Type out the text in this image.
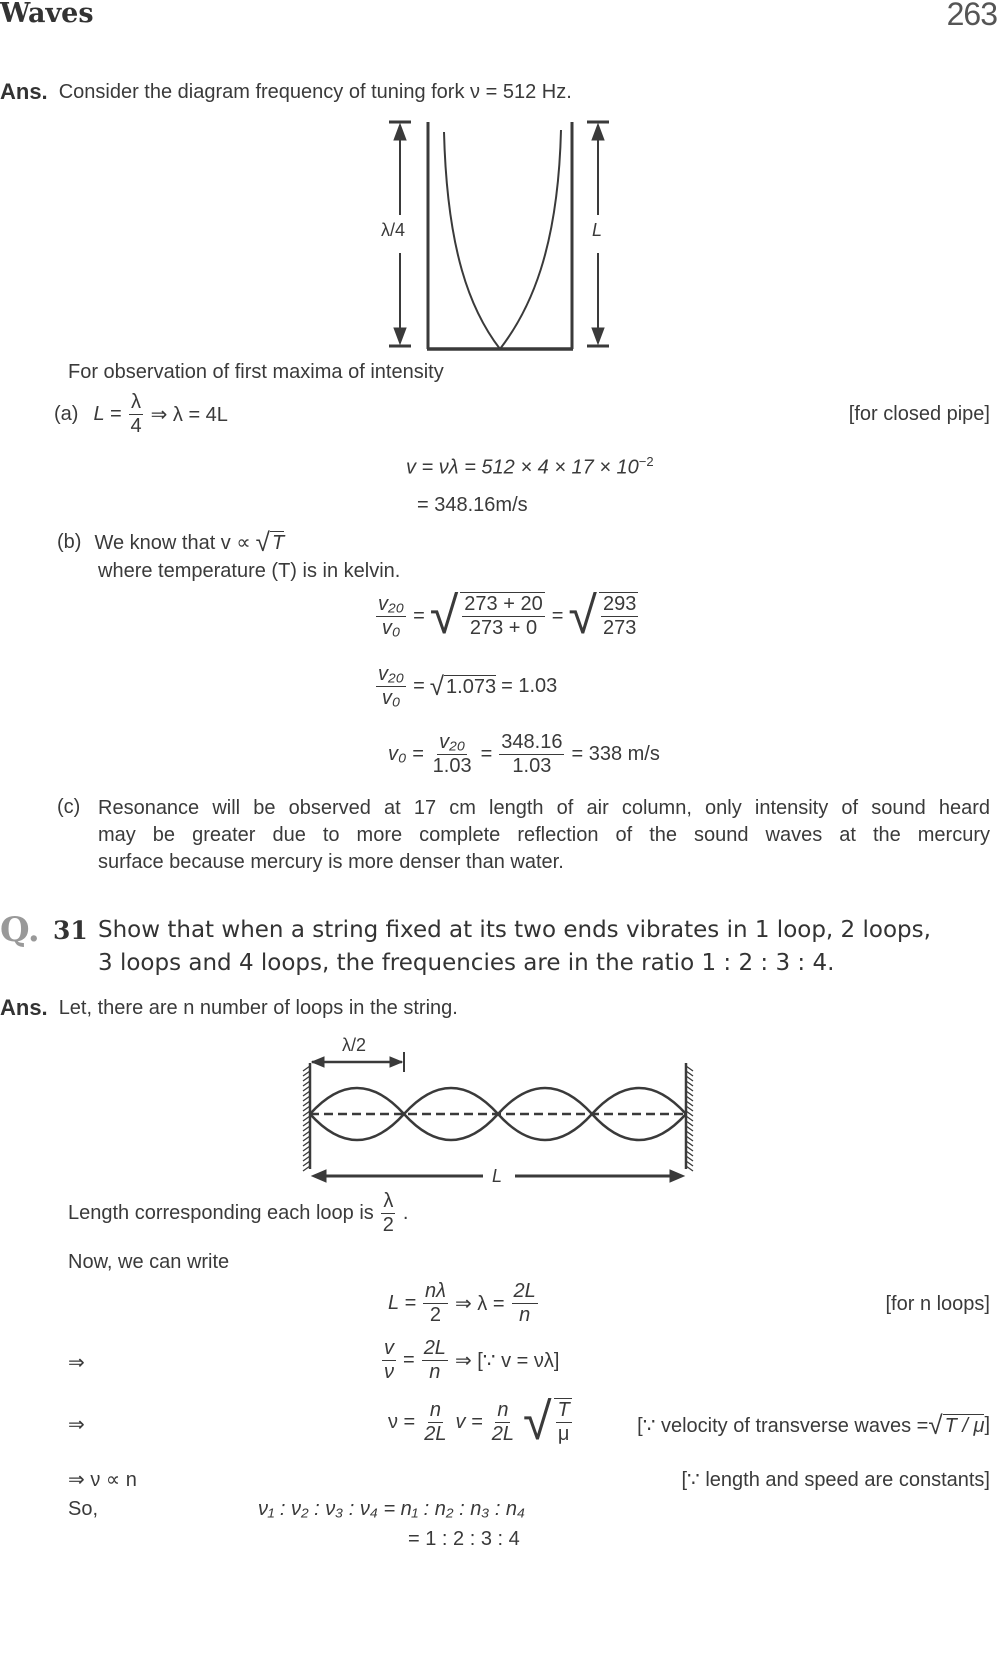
Waves	263
Ans. Consider the diagram frequency of tuning fork ν = 512 Hz.
λ/4	L
λ/2
L
For observation of first maxima of intensity
(a) $L = \frac{\lambda}{4}$ ⇒ λ = 4L	[for closed pipe]
$v = \nu\lambda = 512 \times 4 \times 17 \times 10^{-2}$
= 348.16m/s
(b) We know that v ∝ √ T
where temperature (T) is in kelvin.
$\frac{\text{v₂₀}}{\text{v₀}}$ = √ $\frac{273 + 20}{273 + 0}$ = √ $\frac{293}{273}$
$\frac{\text{v₂₀}}{\text{v₀}}$ = √ 1.073 = 1.03
$v_0 = \frac{\text{v₂₀}}{1.03} = \frac{348.16}{1.03} = 338$ m/s
(c) Resonance will be observed at 17 cm length of air column, only intensity of sound heard
may be greater due to more complete reflection of the sound waves at the mercury
surface because mercury is more denser than water.
Q. 31 Show that when a string fixed at its two ends vibrates in 1 loop, 2 loops,
3 loops and 4 loops, the frequencies are in the ratio 1 : 2 : 3 : 4.
Ans. Let, there are n number of loops in the string.
Length corresponding each loop is $\frac{\lambda}{2}$ .
Now, we can write
$L = \frac{n\lambda}{2}$ ⇒ $\lambda = \frac{2L}{n}$	[for n loops]
⇒	$\frac{v}{\nu} = \frac{2L}{n}$ ⇒ [∵ v = νλ]
⇒	$\nu = \frac{n}{2L}$ $v = \frac{n}{2L}$ √ $\frac{T}{\mu}$	[∵ velocity of transverse waves = √ T / μ ]
⇒ ν ∝ n	[∵ length and speed are constants]
So,	ν₁ : ν₂ : ν₃ : ν₄ = n₁ : n₂ : n₃ : n₄
= 1 : 2 : 3 : 4
